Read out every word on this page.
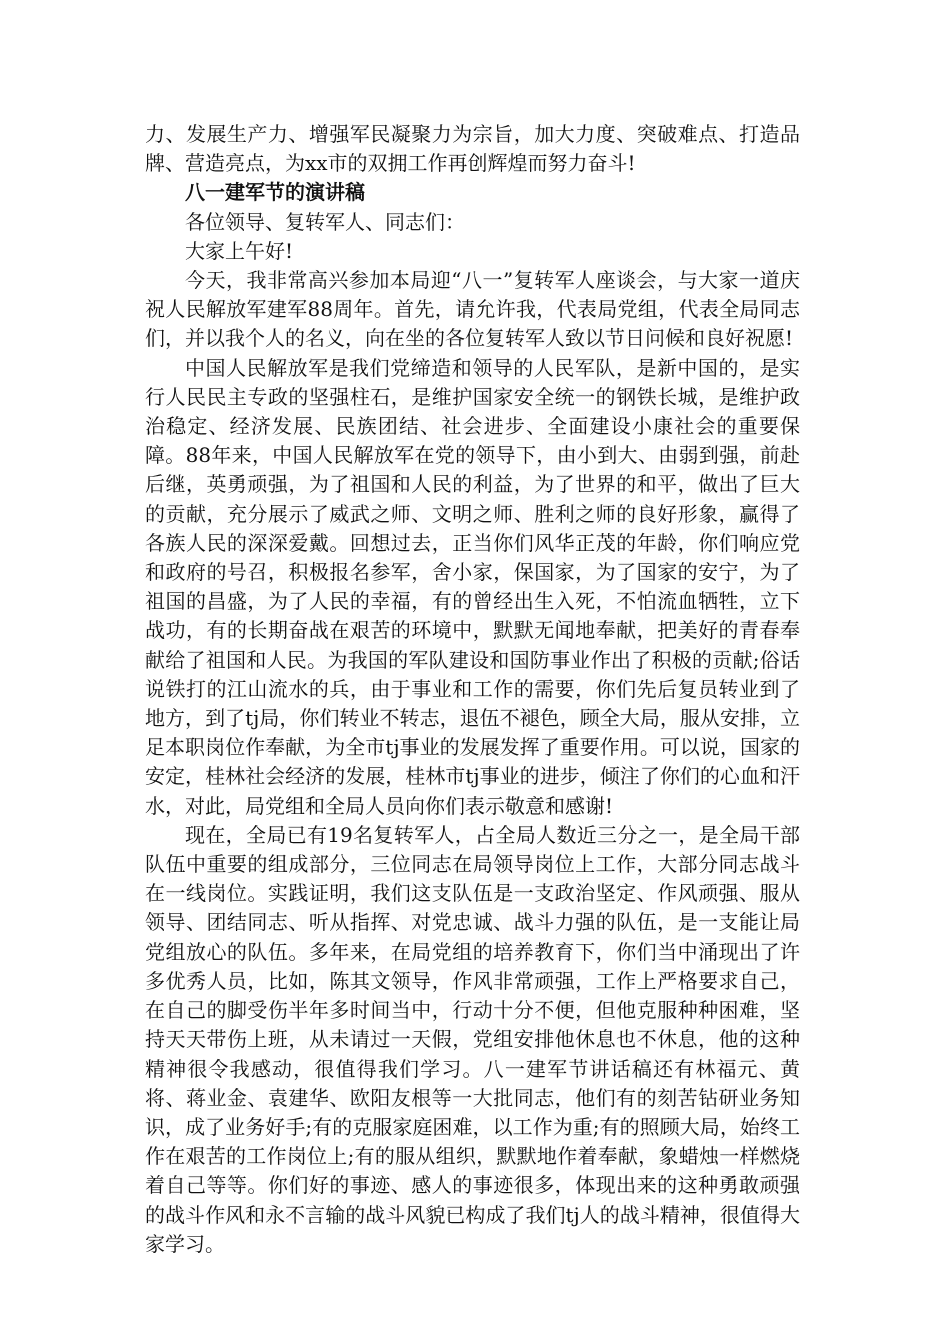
力、发展生产力、增强军民凝聚力为宗旨，加大力度、突破难点、打造品牌、营造亮点，为xx市的双拥工作再创辉煌而努力奋斗!

八一建军节的演讲稿

各位领导、复转军人、同志们：

大家上午好!

今天，我非常高兴参加本局迎“八一”复转军人座谈会，与大家一道庆祝人民解放军建军88周年。首先，请允许我，代表局党组，代表全局同志们，并以我个人的名义，向在坐的各位复转军人致以节日问候和良好祝愿!

中国人民解放军是我们党缔造和领导的人民军队，是新中国的，是实行人民民主专政的坚强柱石，是维护国家安全统一的钢铁长城，是维护政治稳定、经济发展、民族团结、社会进步、全面建设小康社会的重要保障。88年来，中国人民解放军在党的领导下，由小到大、由弱到强，前赴后继，英勇顽强，为了祖国和人民的利益，为了世界的和平，做出了巨大的贡献，充分展示了威武之师、文明之师、胜利之师的良好形象，赢得了各族人民的深深爱戴。回想过去，正当你们风华正茂的年龄，你们响应党和政府的号召，积极报名参军，舍小家，保国家，为了国家的安宁，为了祖国的昌盛，为了人民的幸福，有的曾经出生入死，不怕流血牺牲，立下战功，有的长期奋战在艰苦的环境中，默默无闻地奉献，把美好的青春奉献给了祖国和人民。为我国的军队建设和国防事业作出了积极的贡献;俗话说铁打的江山流水的兵，由于事业和工作的需要，你们先后复员转业到了地方，到了tj局，你们转业不转志，退伍不褪色，顾全大局，服从安排，立足本职岗位作奉献，为全市tj事业的发展发挥了重要作用。可以说，国家的安定，桂林社会经济的发展，桂林市tj事业的进步，倾注了你们的心血和汗水，对此，局党组和全局人员向你们表示敬意和感谢!

现在，全局已有19名复转军人，占全局人数近三分之一，是全局干部队伍中重要的组成部分，三位同志在局领导岗位上工作，大部分同志战斗在一线岗位。实践证明，我们这支队伍是一支政治坚定、作风顽强、服从领导、团结同志、听从指挥、对党忠诚、战斗力强的队伍，是一支能让局党组放心的队伍。多年来，在局党组的培养教育下，你们当中涌现出了许多优秀人员，比如，陈其文领导，作风非常顽强，工作上严格要求自己，在自己的脚受伤半年多时间当中，行动十分不便，但他克服种种困难，坚持天天带伤上班，从未请过一天假，党组安排他休息也不休息，他的这种精神很令我感动，很值得我们学习。八一建军节讲话稿还有林福元、黄将、蒋业金、袁建华、欧阳友根等一大批同志，他们有的刻苦钻研业务知识，成了业务好手;有的克服家庭困难，以工作为重;有的照顾大局，始终工作在艰苦的工作岗位上;有的服从组织，默默地作着奉献，象蜡烛一样燃烧着自己等等。你们好的事迹、感人的事迹很多，体现出来的这种勇敢顽强的战斗作风和永不言输的战斗风貌已构成了我们tj人的战斗精神，很值得大家学习。
